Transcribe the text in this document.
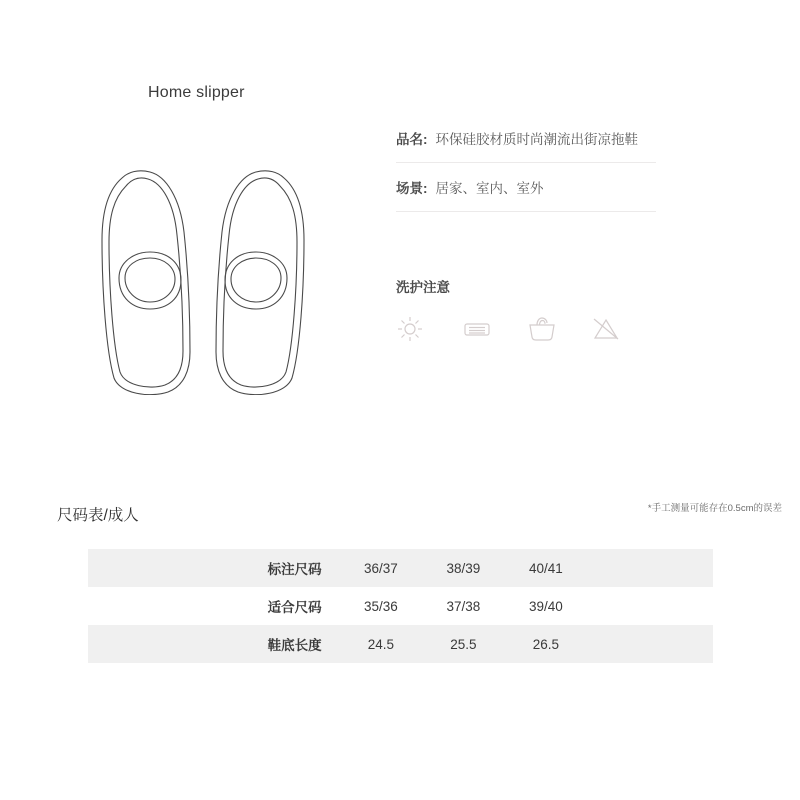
Home slipper
品名: 环保硅胶材质时尚潮流出街凉拖鞋
场景: 居家、室内、室外
洗护注意
尺码表/成人	*手工测量可能存在0.5cm的误差
标注尺码	36/37	38/39	40/41	
适合尺码	35/36	37/38	39/40	
鞋底长度	24.5	25.5	26.5	
